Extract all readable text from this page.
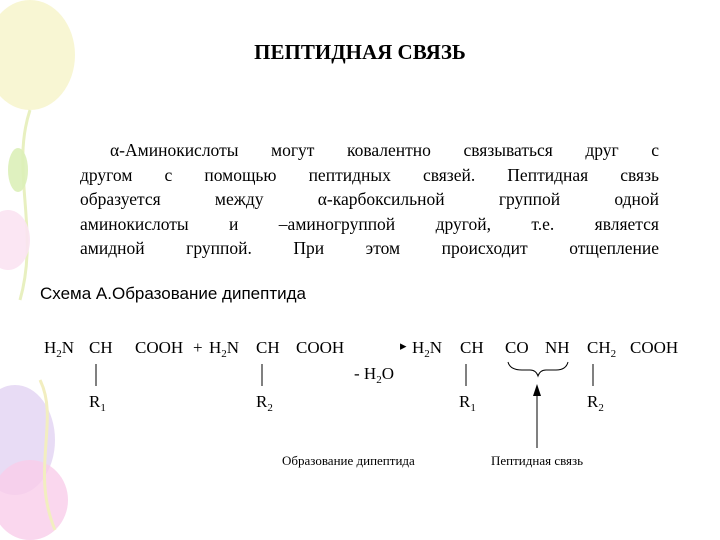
ПЕПТИДНАЯ СВЯЗЬ
α-Аминокислоты могут ковалентно связываться друг с
другом с помощью пептидных связей. Пептидная связь
образуется между α-карбоксильной группой одной
аминокислоты и –аминогруппой другой, т.е. является
амидной группой. При этом происходит отщепление
Схема А.Образование дипептида
$H_2N$ CH COOH + $H_2N$ CH COOH	▸ $H_2N$ CH CO NH $CH_2$ COOH
- $H_2O$
$R_1$	$R_2$	$R_1$	$R_2$
Образование дипептида	Пептидная связь
